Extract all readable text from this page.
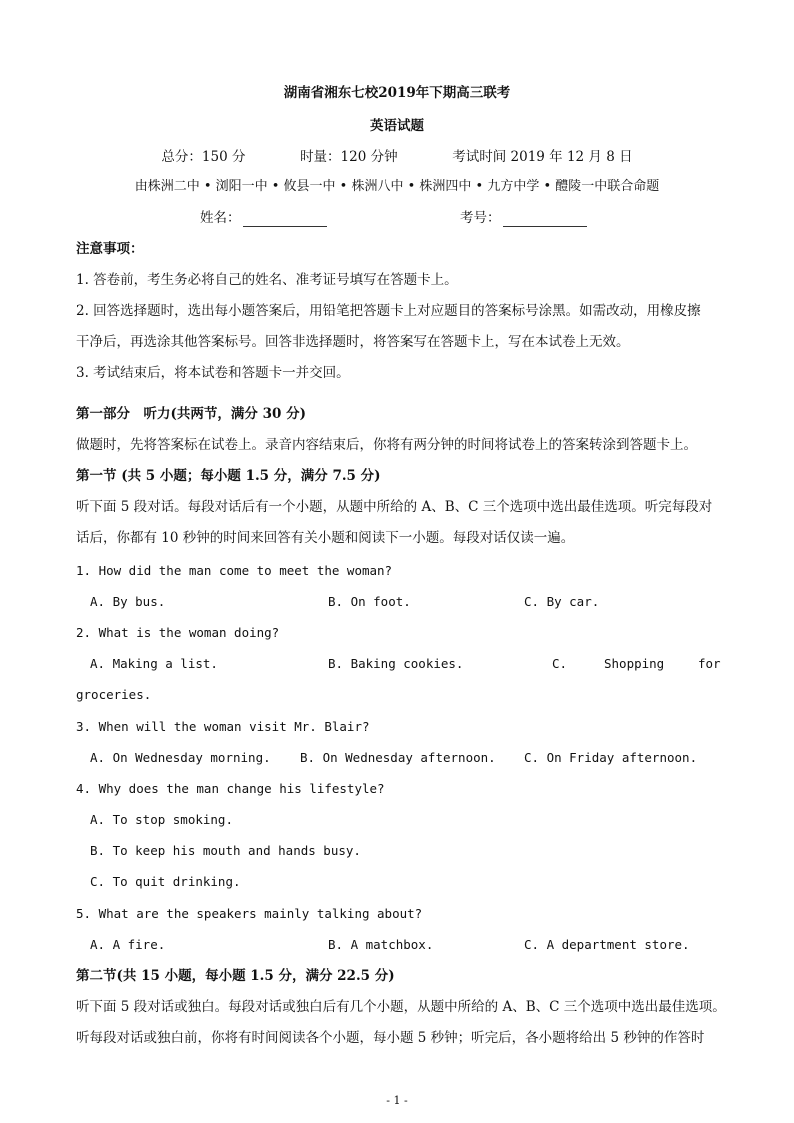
湖南省湘东七校2019年下期高三联考
英语试题
总分：150 分	时量：120 分钟	考试时间 2019 年 12 月 8 日
由株洲二中 • 浏阳一中 • 攸县一中 • 株洲八中 • 株洲四中 • 九方中学 • 醴陵一中联合命题
姓名：	考号：
注意事项：
1. 答卷前，考生务必将自己的姓名、准考证号填写在答题卡上。
2. 回答选择题时，选出每小题答案后，用铅笔把答题卡上对应题目的答案标号涂黑。如需改动，用橡皮擦
干净后，再选涂其他答案标号。回答非选择题时，将答案写在答题卡上，写在本试卷上无效。
3. 考试结束后，将本试卷和答题卡一并交回。
第一部分　听力(共两节，满分 30 分)
做题时，先将答案标在试卷上。录音内容结束后，你将有两分钟的时间将试卷上的答案转涂到答题卡上。
第一节 (共 5 小题；每小题 1.5 分，满分 7.5 分)
听下面 5 段对话。每段对话后有一个小题，从题中所给的 A、B、C 三个选项中选出最佳选项。听完每段对
话后，你都有 10 秒钟的时间来回答有关小题和阅读下一小题。每段对话仅读一遍。
1. How did the man come to meet the woman?
A. By bus.	B. On foot.	C. By car.
2. What is the woman doing?
A. Making a list.	B. Baking cookies.	C.	Shopping	for
groceries.
3. When will the woman visit Mr. Blair?
A. On Wednesday morning. B. On Wednesday afternoon. C. On Friday afternoon.
4. Why does the man change his lifestyle?
A. To stop smoking.
B. To keep his mouth and hands busy.
C. To quit drinking.
5. What are the speakers mainly talking about?
A. A fire.	B. A matchbox.	C. A department store.
第二节(共 15 小题，每小题 1.5 分，满分 22.5 分)
听下面 5 段对话或独白。每段对话或独白后有几个小题，从题中所给的 A、B、C 三个选项中选出最佳选项。
听每段对话或独白前，你将有时间阅读各个小题，每小题 5 秒钟；听完后，各小题将给出 5 秒钟的作答时
- 1 -
